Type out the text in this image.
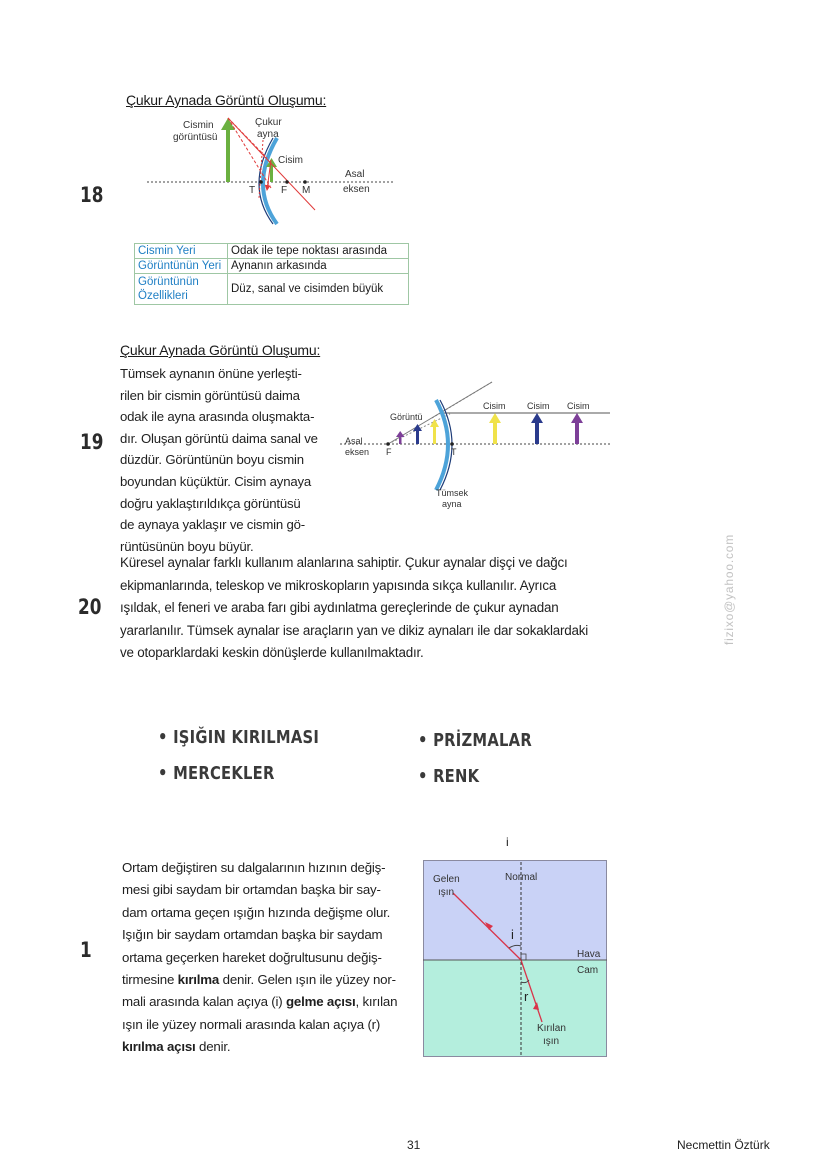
18
Çukur Aynada Görüntü Oluşumu:
Cismin
görüntüsü
Çukur
ayna
Cisim
Asal
eksen
T	F M
Cismin Yeri	Odak ile tepe noktası arasında
Görüntünün Yeri	Aynanın arkasında
Görüntünün
Özellikleri	Düz, sanal ve cisimden büyük
19
Çukur Aynada Görüntü Oluşumu:

Tümsek aynanın önüne yerleşti-

rilen bir cismin görüntüsü daima

odak ile ayna arasında oluşmakta-

dır. Oluşan görüntü daima sanal ve

düzdür. Görüntünün boyu cismin

boyundan küçüktür. Cisim aynaya

doğru yaklaştırıldıkça görüntüsü

de aynaya yaklaşır ve cismin gö-

rüntüsünün boyu büyür.

Görüntü
Cisim Cisim Cisim
Asal
eksen F	T
Tümsek
ayna
20

Küresel aynalar farklı kullanım alanlarına sahiptir. Çukur aynalar dişçi ve dağcı

ekipmanlarında, teleskop ve mikroskopların yapısında sıkça kullanılır. Ayrıca

ışıldak, el feneri ve araba farı gibi aydınlatma gereçlerinde de çukur aynadan

yararlanılır. Tümsek aynalar ise araçların yan ve dikiz aynaları ile dar sokaklardaki

ve otoparklardaki keskin dönüşlerde kullanılmaktadır.

• IŞIĞIN KIRILMASI	• PRİZMALAR
• MERCEKLER	• RENK
1
i

Ortam değiştiren su dalgalarının hızının değiş-

mesi gibi saydam bir ortamdan başka bir say-

dam ortama geçen ışığın hızında değişme olur.

Işığın bir saydam ortamdan başka bir saydam

ortama geçerken hareket doğrultusunu değiş-

tirmesine kırılma denir. Gelen ışın ile yüzey nor-

mali arasında kalan açıya (i) gelme açısı, kırılan

ışın ile yüzey normali arasında kalan açıya (r)

kırılma açısı denir.

Gelen
ışın
Normal
i
r
Hava
Cam
Kırılan
ışın
fizixo@yahoo.com
31	Necmettin Öztürk
